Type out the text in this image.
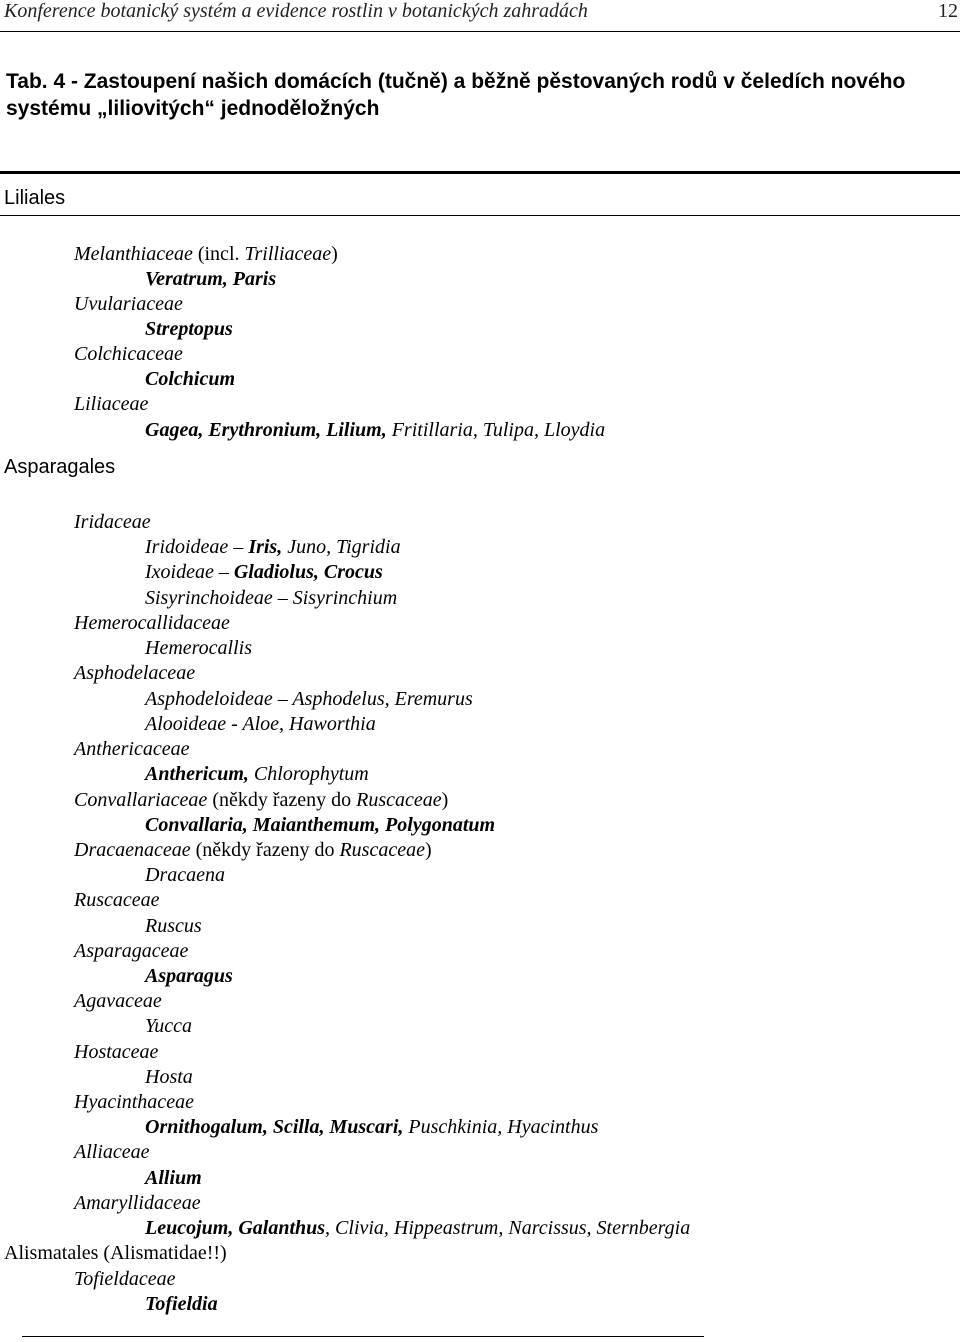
Konference botanický systém a evidence rostlin v botanických zahradách	12
Tab. 4 - Zastoupení našich domácích (tučně) a běžně pěstovaných rodů v čeledích nového
systému „liliovitých“ jednoděložných
Liliales
Melanthiaceae (incl. Trilliaceae)
Veratrum, Paris
Uvulariaceae
Streptopus
Colchicaceae
Colchicum
Liliaceae
Gagea, Erythronium, Lilium, Fritillaria, Tulipa, Lloydia
Asparagales
Iridaceae
Iridoideae – Iris, Juno, Tigridia
Ixoideae – Gladiolus, Crocus
Sisyrinchoideae – Sisyrinchium
Hemerocallidaceae
Hemerocallis
Asphodelaceae
Asphodeloideae – Asphodelus, Eremurus
Alooideae - Aloe, Haworthia
Anthericaceae
Anthericum, Chlorophytum
Convallariaceae (někdy řazeny do Ruscaceae)
Convallaria, Maianthemum, Polygonatum
Dracaenaceae (někdy řazeny do Ruscaceae)
Dracaena
Ruscaceae
Ruscus
Asparagaceae
Asparagus
Agavaceae
Yucca
Hostaceae
Hosta
Hyacinthaceae
Ornithogalum, Scilla, Muscari, Puschkinia, Hyacinthus
Alliaceae
Allium
Amaryllidaceae
Leucojum, Galanthus, Clivia, Hippeastrum, Narcissus, Sternbergia
Alismatales (Alismatidae!!)
Tofieldaceae
Tofieldia
